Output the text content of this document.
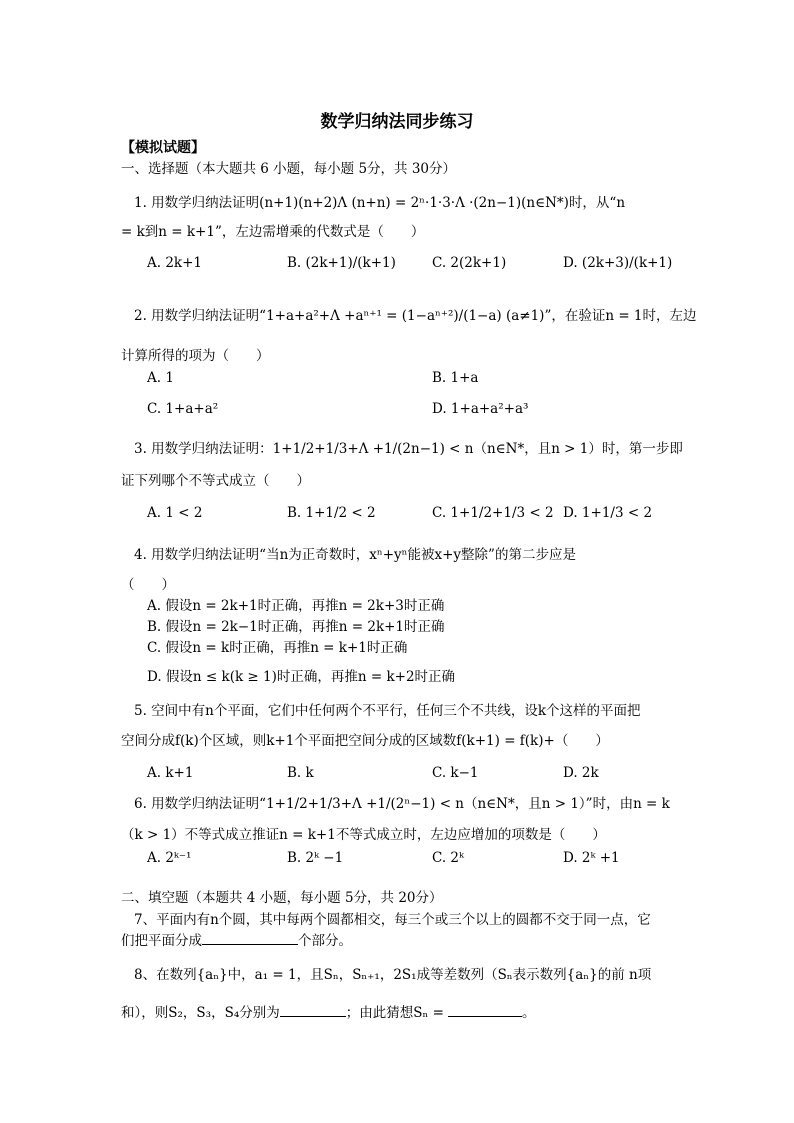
数学归纳法同步练习
【模拟试题】
一、选择题（本大题共 6 小题，每小题 5分，共 30分）
1. 用数学归纳法证明(n+1)(n+2)Λ (n+n) = 2ⁿ·1·3·Λ ·(2n−1)(n∈N*)时，从“n
= k到n = k+1”，左边需增乘的代数式是（　　）
A. 2k+1	B. (2k+1)/(k+1)	C. 2(2k+1)	D. (2k+3)/(k+1)
2. 用数学归纳法证明“1+a+a²+Λ +aⁿ⁺¹ = (1−aⁿ⁺²)/(1−a) (a≠1)”，在验证n = 1时，左边
计算所得的项为（　　）
A. 1	B. 1+a
C. 1+a+a²	D. 1+a+a²+a³
3. 用数学归纳法证明：1+1/2+1/3+Λ +1/(2n−1) < n（n∈N*，且n > 1）时，第一步即
证下列哪个不等式成立（　　）
A. 1 < 2	B. 1+1/2 < 2	C. 1+1/2+1/3 < 2 D. 1+1/3 < 2
4. 用数学归纳法证明“当n为正奇数时，xⁿ+yⁿ能被x+y整除”的第二步应是
（　　）
A. 假设n = 2k+1时正确，再推n = 2k+3时正确
B. 假设n = 2k−1时正确，再推n = 2k+1时正确
C. 假设n = k时正确，再推n = k+1时正确
D. 假设n ≤ k(k ≥ 1)时正确，再推n = k+2时正确
5. 空间中有n个平面，它们中任何两个不平行，任何三个不共线，设k个这样的平面把
空间分成f(k)个区域，则k+1个平面把空间分成的区域数f(k+1) = f(k)+（　　）
A. k+1	B. k	C. k−1	D. 2k
6. 用数学归纳法证明“1+1/2+1/3+Λ +1/(2ⁿ−1) < n（n∈N*，且n > 1）”时，由n = k
（k > 1）不等式成立推证n = k+1不等式成立时，左边应增加的项数是（　　）
A. 2ᵏ⁻¹	B. 2ᵏ −1	C. 2ᵏ	D. 2ᵏ +1
二、填空题（本题共 4 小题，每小题 5分，共 20分）
7、平面内有n个圆，其中每两个圆都相交，每三个或三个以上的圆都不交于同一点，它
们把平面分成	个部分。
8、在数列{aₙ}中，a₁ = 1，且Sₙ，Sₙ₊₁，2S₁成等差数列（Sₙ表示数列{aₙ}的前 n项
和），则S₂，S₃，S₄分别为	；由此猜想Sₙ =	。
